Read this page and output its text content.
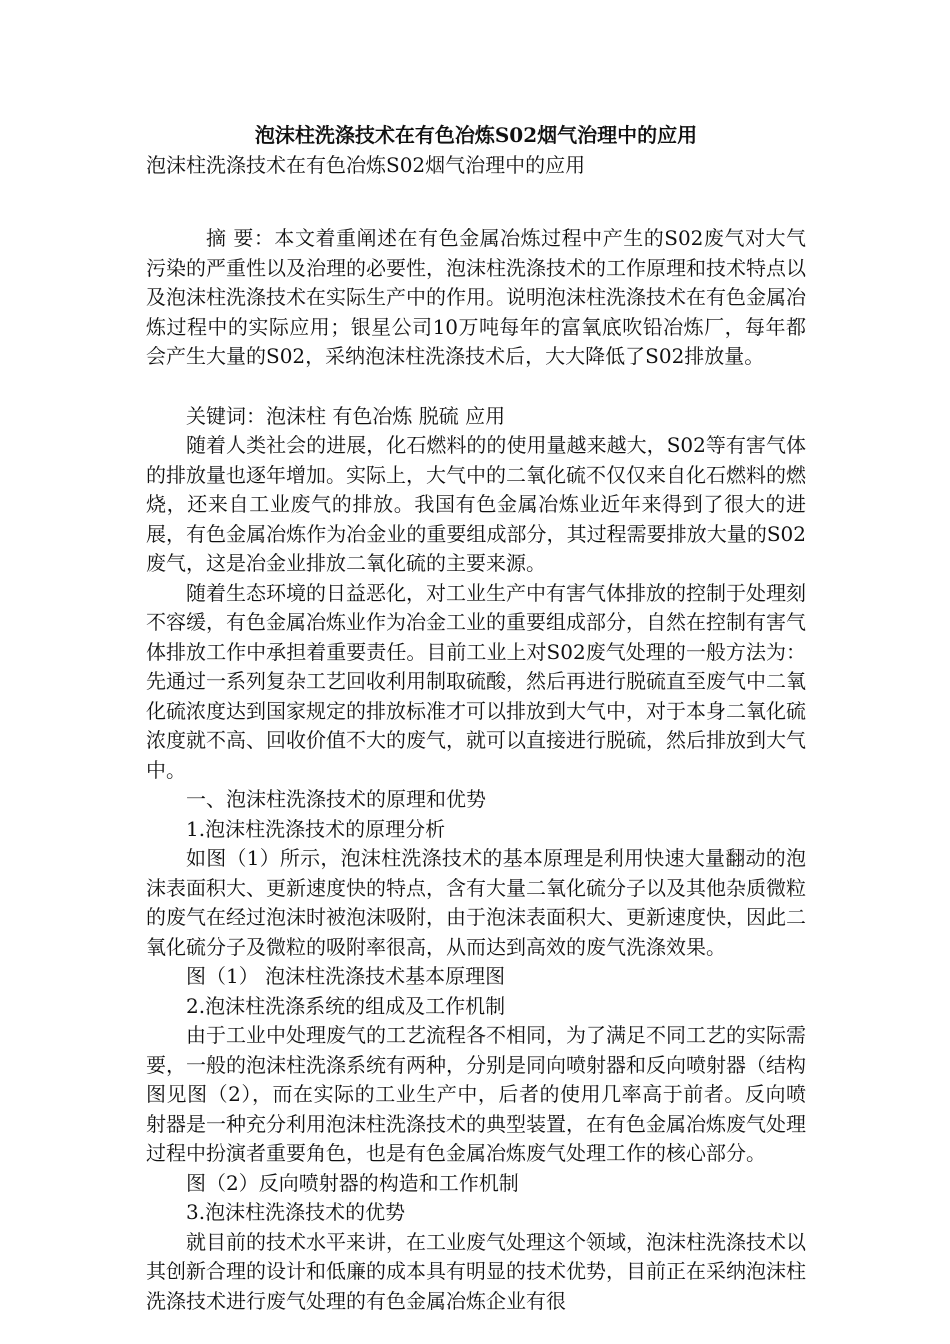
泡沫柱洗涤技术在有色冶炼S02烟气治理中的应用

泡沫柱洗涤技术在有色冶炼S02烟气治理中的应用

摘 要：本文着重阐述在有色金属冶炼过程中产生的S02废气对大气污染的严重性以及治理的必要性，泡沫柱洗涤技术的工作原理和技术特点以及泡沫柱洗涤技术在实际生产中的作用。说明泡沫柱洗涤技术在有色金属冶炼过程中的实际应用；银星公司10万吨每年的富氧底吹铅冶炼厂，每年都会产生大量的S02，采纳泡沫柱洗涤技术后，大大降低了S02排放量。

关键词：泡沫柱 有色冶炼 脱硫 应用

随着人类社会的进展，化石燃料的的使用量越来越大，S02等有害气体的排放量也逐年增加。实际上，大气中的二氧化硫不仅仅来自化石燃料的燃烧，还来自工业废气的排放。我国有色金属冶炼业近年来得到了很大的进展，有色金属冶炼作为冶金业的重要组成部分，其过程需要排放大量的S02废气，这是冶金业排放二氧化硫的主要来源。

随着生态环境的日益恶化，对工业生产中有害气体排放的控制于处理刻不容缓，有色金属冶炼业作为冶金工业的重要组成部分，自然在控制有害气体排放工作中承担着重要责任。目前工业上对S02废气处理的一般方法为：先通过一系列复杂工艺回收利用制取硫酸，然后再进行脱硫直至废气中二氧化硫浓度达到国家规定的排放标准才可以排放到大气中，对于本身二氧化硫浓度就不高、回收价值不大的废气，就可以直接进行脱硫，然后排放到大气中。

一、泡沫柱洗涤技术的原理和优势

1.泡沫柱洗涤技术的原理分析

如图（1）所示，泡沫柱洗涤技术的基本原理是利用快速大量翻动的泡沫表面积大、更新速度快的特点，含有大量二氧化硫分子以及其他杂质微粒的废气在经过泡沫时被泡沫吸附，由于泡沫表面积大、更新速度快，因此二氧化硫分子及微粒的吸附率很高，从而达到高效的废气洗涤效果。

图（1） 泡沫柱洗涤技术基本原理图

2.泡沫柱洗涤系统的组成及工作机制

由于工业中处理废气的工艺流程各不相同，为了满足不同工艺的实际需要，一般的泡沫柱洗涤系统有两种，分别是同向喷射器和反向喷射器（结构图见图（2），而在实际的工业生产中，后者的使用几率高于前者。反向喷射器是一种充分利用泡沫柱洗涤技术的典型装置，在有色金属冶炼废气处理过程中扮演者重要角色，也是有色金属冶炼废气处理工作的核心部分。

图（2）反向喷射器的构造和工作机制

3.泡沫柱洗涤技术的优势

就目前的技术水平来讲，在工业废气处理这个领域，泡沫柱洗涤技术以其创新合理的设计和低廉的成本具有明显的技术优势，目前正在采纳泡沫柱洗涤技术进行废气处理的有色金属冶炼企业有很
